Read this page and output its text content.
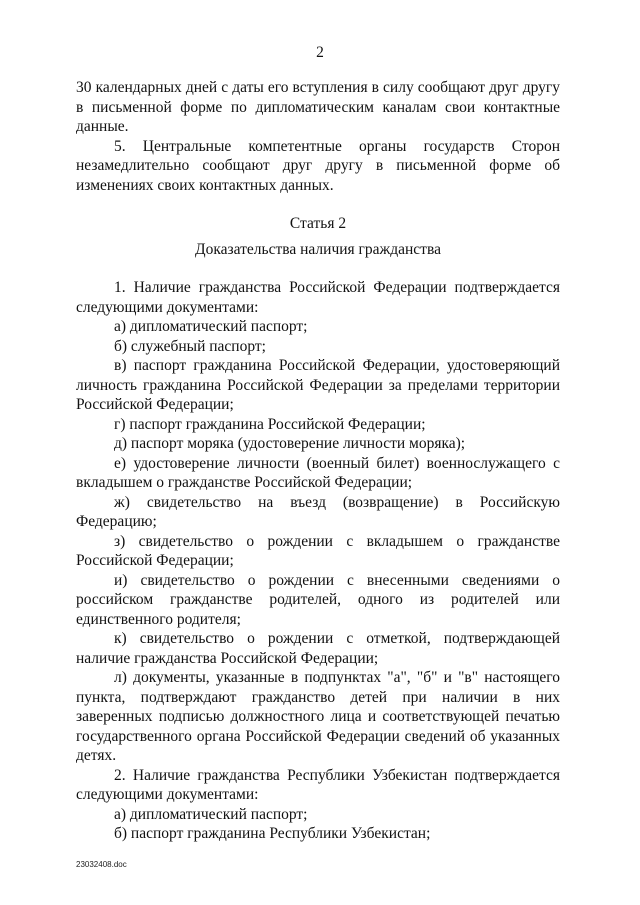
2

30 календарных дней с даты его вступления в силу сообщают друг другу в письменной форме по дипломатическим каналам свои контактные данные.

5. Центральные компетентные органы государств Сторон незамедлительно сообщают друг другу в письменной форме об изменениях своих контактных данных.

Статья 2

Доказательства наличия гражданства

1. Наличие гражданства Российской Федерации подтверждается следующими документами:

а) дипломатический паспорт;

б) служебный паспорт;

в) паспорт гражданина Российской Федерации, удостоверяющий личность гражданина Российской Федерации за пределами территории Российской Федерации;

г) паспорт гражданина Российской Федерации;

д) паспорт моряка (удостоверение личности моряка);

е) удостоверение личности (военный билет) военнослужащего с вкладышем о гражданстве Российской Федерации;

ж) свидетельство на въезд (возвращение) в Российскую Федерацию;

з) свидетельство о рождении с вкладышем о гражданстве Российской Федерации;

и) свидетельство о рождении с внесенными сведениями о российском гражданстве родителей, одного из родителей или единственного родителя;

к) свидетельство о рождении с отметкой, подтверждающей наличие гражданства Российской Федерации;

л) документы, указанные в подпунктах "а", "б" и "в" настоящего пункта, подтверждают гражданство детей при наличии в них заверенных подписью должностного лица и соответствующей печатью государственного органа Российской Федерации сведений об указанных детях.

2. Наличие гражданства Республики Узбекистан подтверждается следующими документами:

а) дипломатический паспорт;

б) паспорт гражданина Республики Узбекистан;

23032408.doc
